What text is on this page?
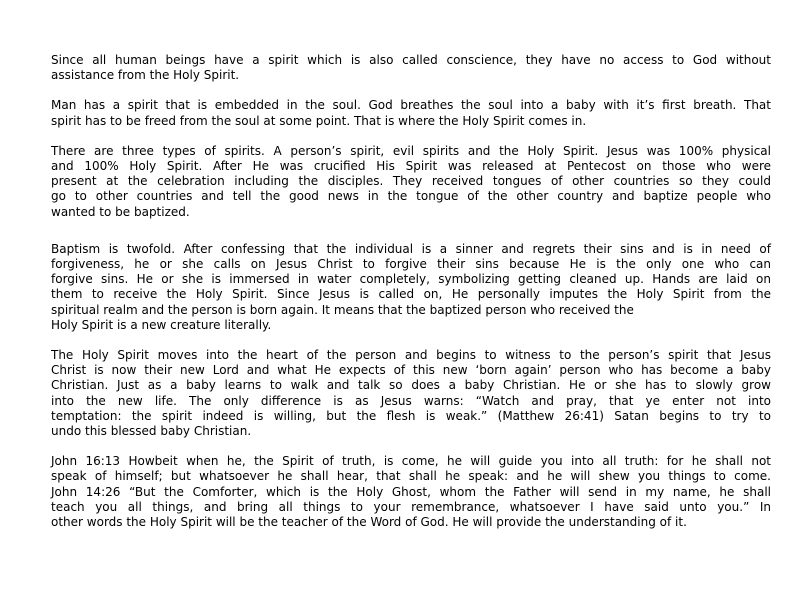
Since all human beings have a spirit which is also called conscience, they have no access to God without
assistance from the Holy Spirit.

Man has a spirit that is embedded in the soul. God breathes the soul into a baby with it’s first breath. That
spirit has to be freed from the soul at some point. That is where the Holy Spirit comes in.

There are three types of spirits. A person’s spirit, evil spirits and the Holy Spirit. Jesus was 100% physical
and 100% Holy Spirit. After He was crucified His Spirit was released at Pentecost on those who were
present at the celebration including the disciples. They received tongues of other countries so they could
go to other countries and tell the good news in the tongue of the other country and baptize people who
wanted to be baptized.

Baptism is twofold. After confessing that the individual is a sinner and regrets their sins and is in need of
forgiveness, he or she calls on Jesus Christ to forgive their sins because He is the only one who can
forgive sins. He or she is immersed in water completely, symbolizing getting cleaned up. Hands are laid on
them to receive the Holy Spirit. Since Jesus is called on, He personally imputes the Holy Spirit from the
spiritual realm and the person is born again. It means that the baptized person who received the
Holy Spirit is a new creature literally.

The Holy Spirit moves into the heart of the person and begins to witness to the person’s spirit that Jesus
Christ is now their new Lord and what He expects of this new ‘born again’ person who has become a baby
Christian. Just as a baby learns to walk and talk so does a baby Christian. He or she has to slowly grow
into the new life. The only difference is as Jesus warns: “Watch and pray, that ye enter not into
temptation: the spirit indeed is willing, but the flesh is weak.” (Matthew 26:41) Satan begins to try to
undo this blessed baby Christian.

John 16:13 Howbeit when he, the Spirit of truth, is come, he will guide you into all truth: for he shall not
speak of himself; but whatsoever he shall hear, that shall he speak: and he will shew you things to come.
John 14:26 “But the Comforter, which is the Holy Ghost, whom the Father will send in my name, he shall
teach you all things, and bring all things to your remembrance, whatsoever I have said unto you.” In
other words the Holy Spirit will be the teacher of the Word of God. He will provide the understanding of it.
